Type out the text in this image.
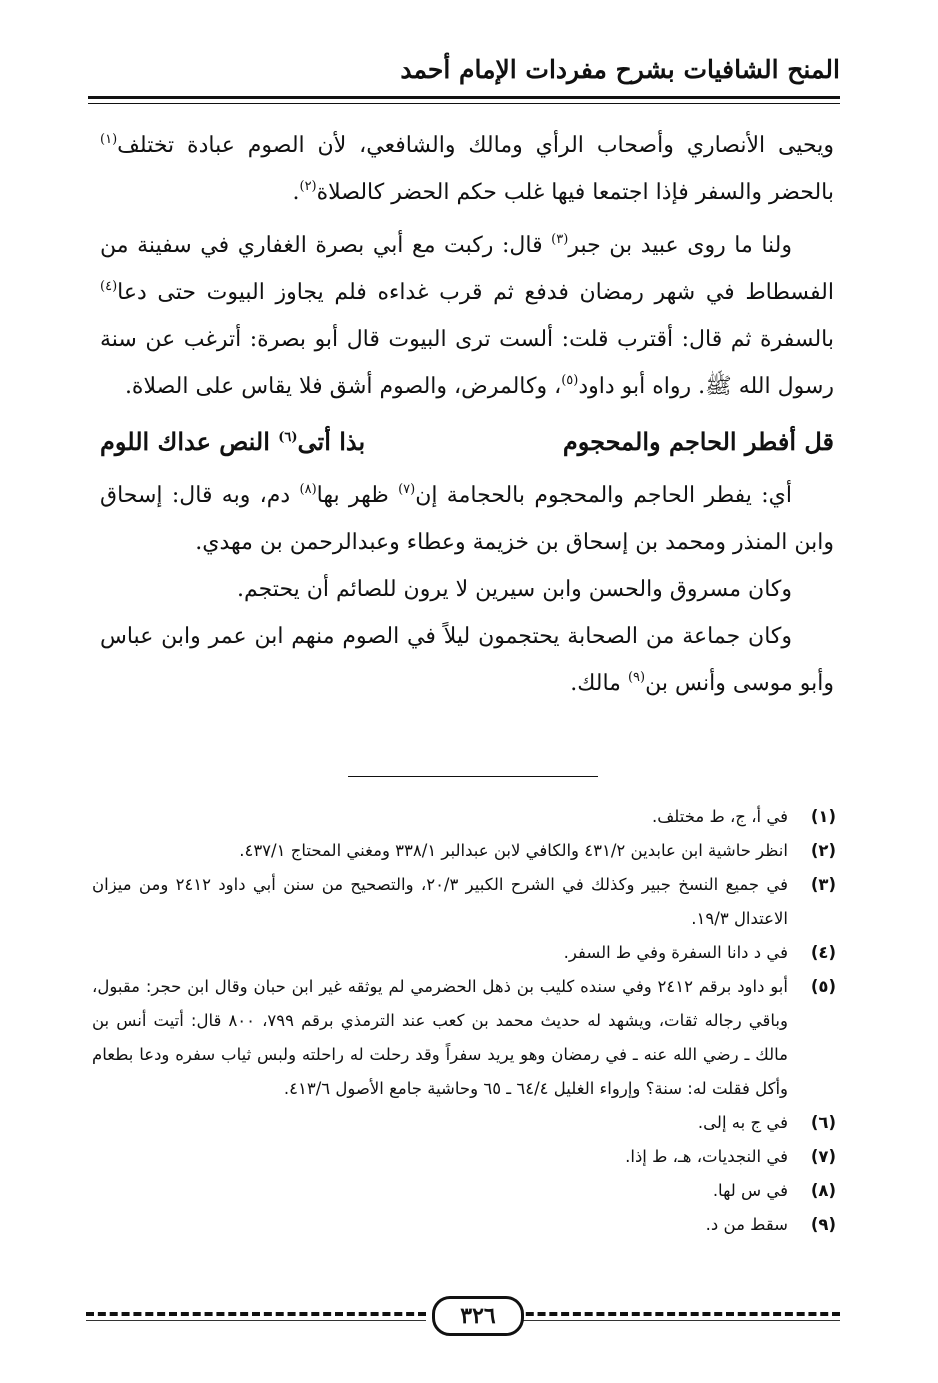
المنح الشافيات بشرح مفردات الإمام أحمد

ويحيى الأنصاري وأصحاب الرأي ومالك والشافعي، لأن الصوم عبادة تختلف$^{(١)}$ بالحضر والسفر فإذا اجتمعا فيها غلب حكم الحضر كالصلاة$^{(٢)}$.

ولنا ما روى عبيد بن جبر$^{(٣)}$ قال: ركبت مع أبي بصرة الغفاري في سفينة من الفسطاط في شهر رمضان فدفع ثم قرب غداءه فلم يجاوز البيوت حتى دعا$^{(٤)}$ بالسفرة ثم قال: أقترب قلت: ألست ترى البيوت قال أبو بصرة: أترغب عن سنة رسول الله ﷺ. رواه أبو داود$^{(٥)}$، وكالمرض، والصوم أشق فلا يقاس على الصلاة.

قل أفطر الحاجم والمحجوم
بذا أتى$^{(٦)}$ النص عداك اللوم

أي: يفطر الحاجم والمحجوم بالحجامة إن$^{(٧)}$ ظهر بها$^{(٨)}$ دم، وبه قال: إسحاق وابن المنذر ومحمد بن إسحاق بن خزيمة وعطاء وعبدالرحمن بن مهدي.

وكان مسروق والحسن وابن سيرين لا يرون للصائم أن يحتجم.

وكان جماعة من الصحابة يحتجمون ليلاً في الصوم منهم ابن عمر وابن عباس وأبو موسى وأنس بن$^{(٩)}$ مالك.

(١)
في أ، ج، ط مختلف.
(٢)
انظر حاشية ابن عابدين ٤٣١/٢ والكافي لابن عبدالبر ٣٣٨/١ ومغني المحتاج ٤٣٧/١.
(٣)
في جميع النسخ جبير وكذلك في الشرح الكبير ٢٠/٣، والتصحيح من سنن أبي داود ٢٤١٢ ومن ميزان الاعتدال ١٩/٣.
(٤)
في د دانا السفرة وفي ط السفر.
(٥)
أبو داود برقم ٢٤١٢ وفي سنده كليب بن ذهل الحضرمي لم يوثقه غير ابن حبان وقال ابن حجر: مقبول، وباقي رجاله ثقات، ويشهد له حديث محمد بن كعب عند الترمذي برقم ٧٩٩، ٨٠٠ قال: أتيت أنس بن مالك ـ رضي الله عنه ـ في رمضان وهو يريد سفراً وقد رحلت له راحلته ولبس ثياب سفره ودعا بطعام وأكل فقلت له: سنة؟ وإرواء الغليل ٦٤/٤ ـ ٦٥ وحاشية جامع الأصول ٤١٣/٦.
(٦)
في ج به إلى.
(٧)
في النجديات، هـ، ط إذا.
(٨)
في س لها.
(٩)
سقط من د.
٣٢٦
